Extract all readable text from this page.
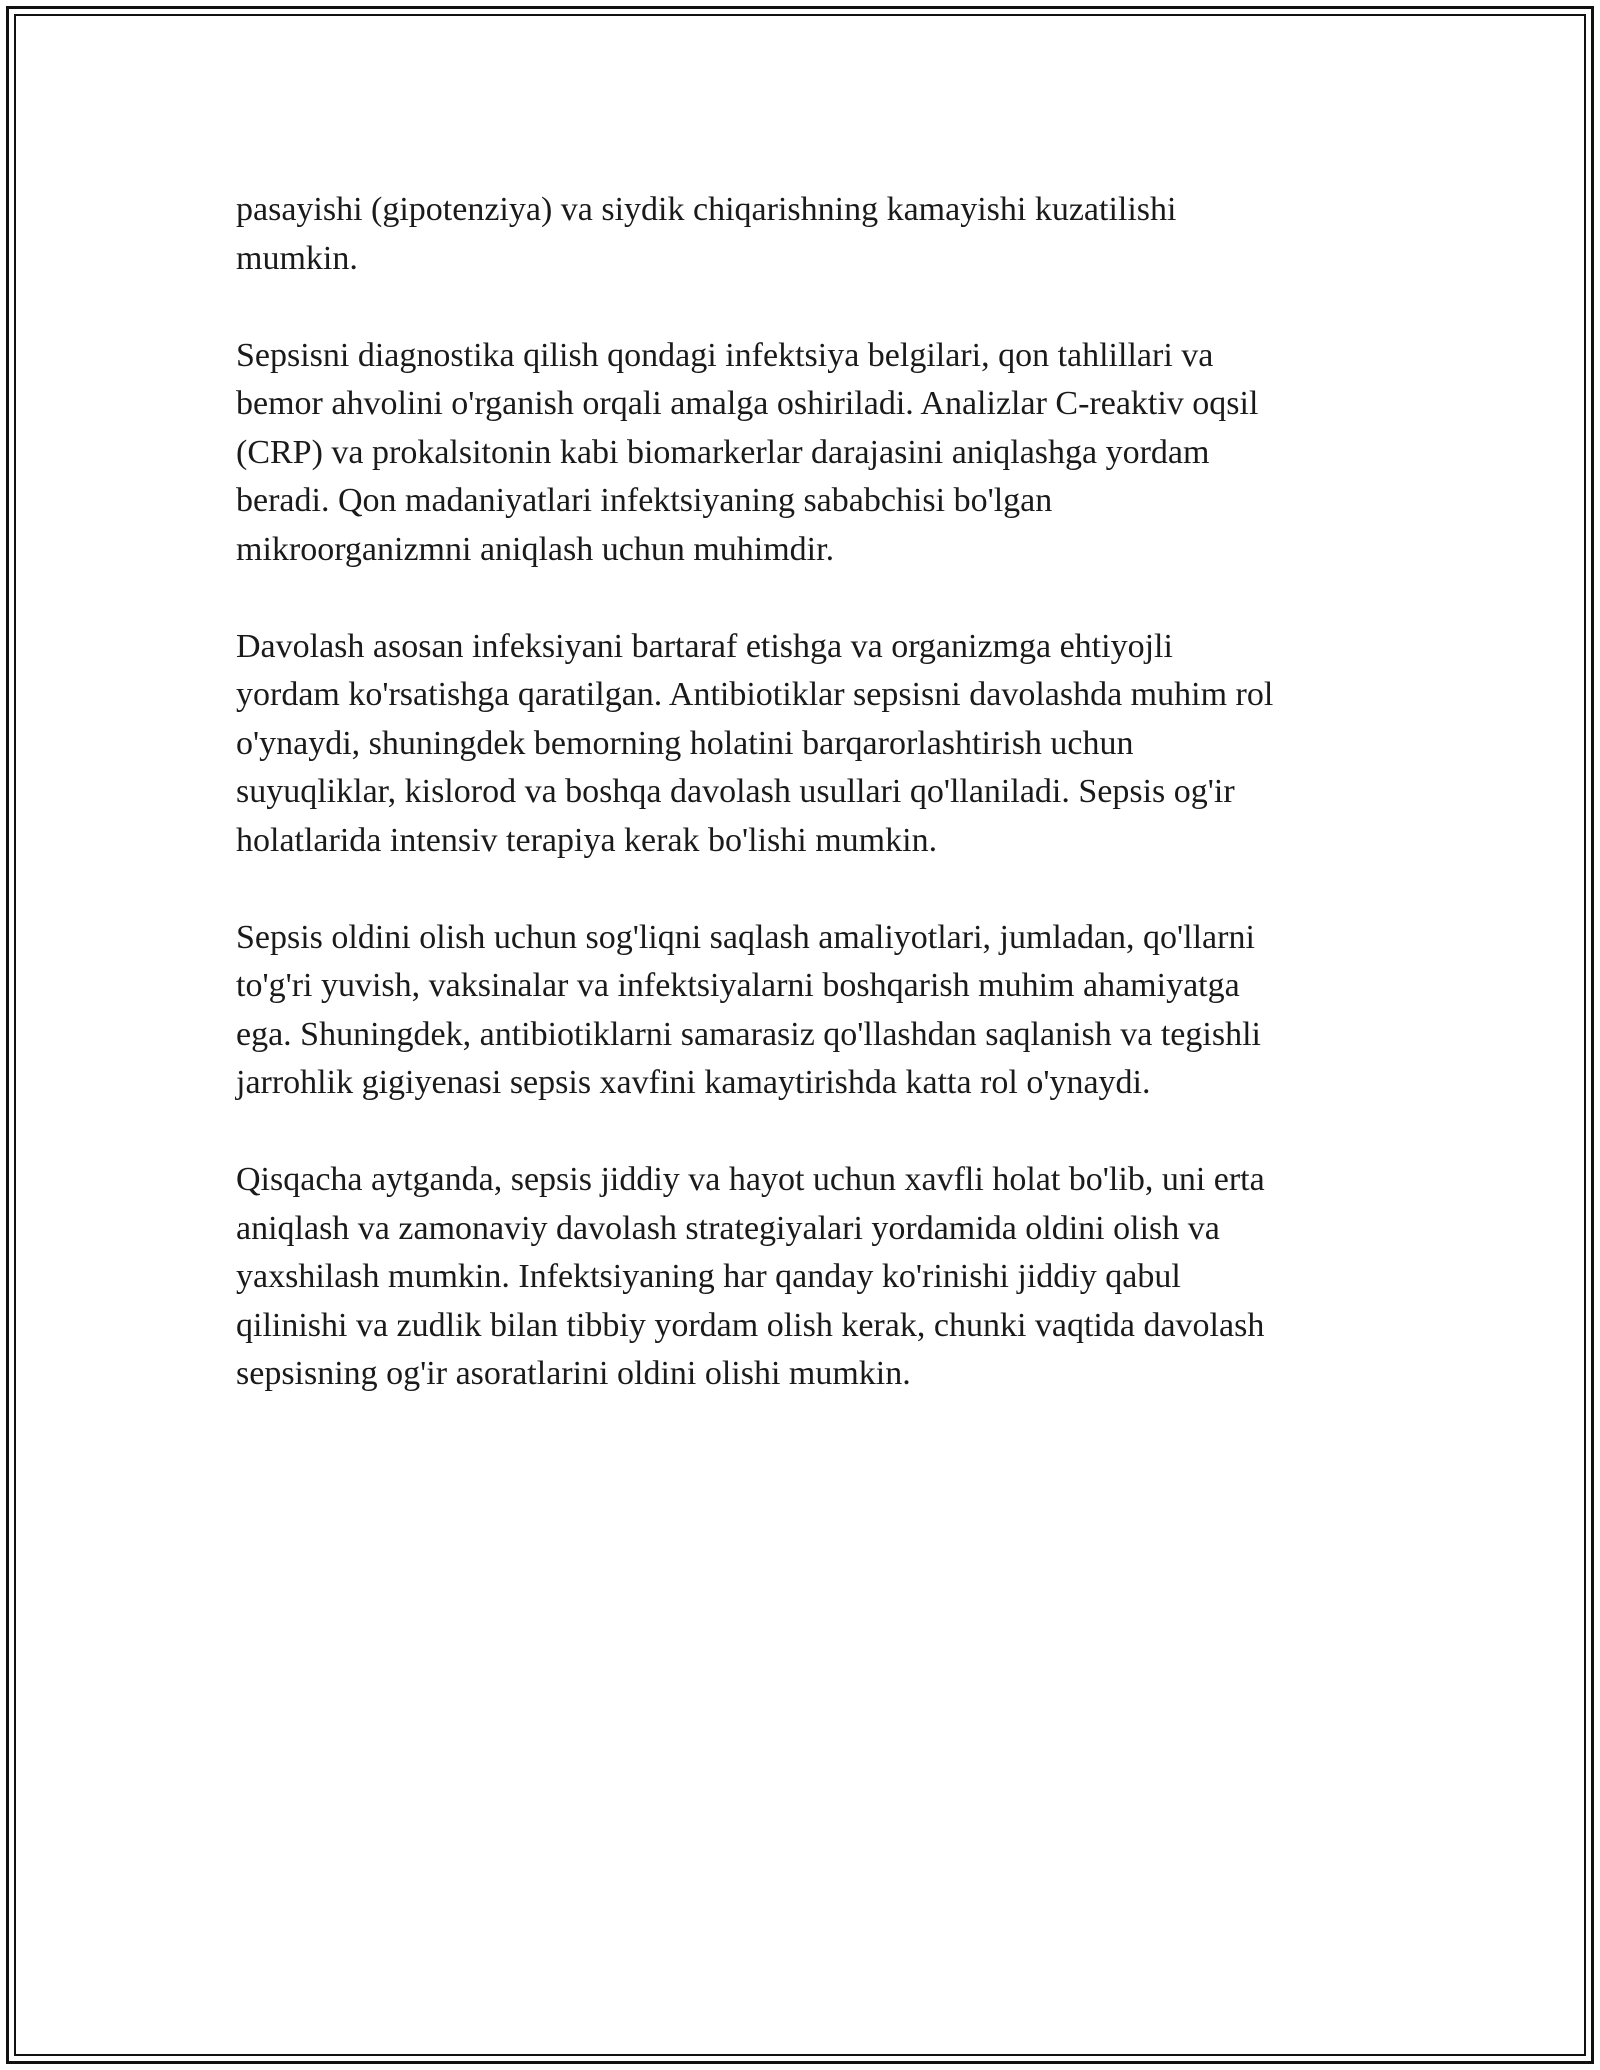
pasayishi (gipotenziya) va siydik chiqarishning kamayishi kuzatilishi
mumkin.

Sepsisni diagnostika qilish qondagi infektsiya belgilari, qon tahlillari va
bemor ahvolini o'rganish orqali amalga oshiriladi. Analizlar C-reaktiv oqsil
(CRP) va prokalsitonin kabi biomarkerlar darajasini aniqlashga yordam
beradi. Qon madaniyatlari infektsiyaning sababchisi bo'lgan
mikroorganizmni aniqlash uchun muhimdir.

Davolash asosan infeksiyani bartaraf etishga va organizmga ehtiyojli
yordam ko'rsatishga qaratilgan. Antibiotiklar sepsisni davolashda muhim rol
o'ynaydi, shuningdek bemorning holatini barqarorlashtirish uchun
suyuqliklar, kislorod va boshqa davolash usullari qo'llaniladi. Sepsis og'ir
holatlarida intensiv terapiya kerak bo'lishi mumkin.

Sepsis oldini olish uchun sog'liqni saqlash amaliyotlari, jumladan, qo'llarni
to'g'ri yuvish, vaksinalar va infektsiyalarni boshqarish muhim ahamiyatga
ega. Shuningdek, antibiotiklarni samarasiz qo'llashdan saqlanish va tegishli
jarrohlik gigiyenasi sepsis xavfini kamaytirishda katta rol o'ynaydi.

Qisqacha aytganda, sepsis jiddiy va hayot uchun xavfli holat bo'lib, uni erta
aniqlash va zamonaviy davolash strategiyalari yordamida oldini olish va
yaxshilash mumkin. Infektsiyaning har qanday ko'rinishi jiddiy qabul
qilinishi va zudlik bilan tibbiy yordam olish kerak, chunki vaqtida davolash
sepsisning og'ir asoratlarini oldini olishi mumkin.
